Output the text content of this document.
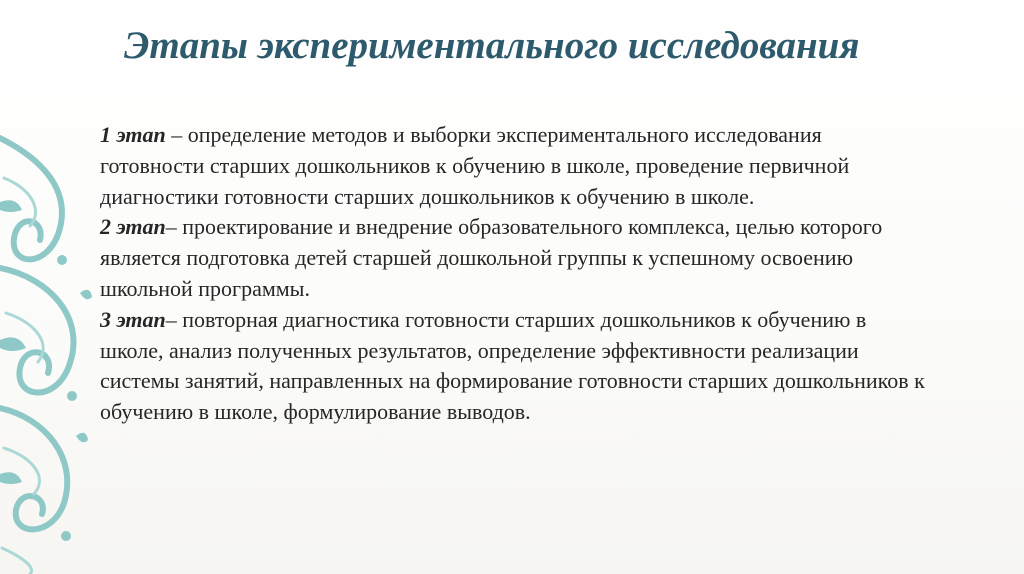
Этапы экспериментального исследования

1 этап – определение методов и выборки экспериментального исследования готовности старших дошкольников к обучению в школе, проведение первичной диагностики готовности старших дошкольников к обучению в школе.

2 этап– проектирование и внедрение образовательного комплекса, целью которого является подготовка детей старшей дошкольной группы к успешному освоению школьной программы.

3 этап– повторная диагностика готовности старших дошкольников к обучению в школе, анализ полученных результатов, определение эффективности реализации системы занятий, направленных на формирование готовности старших дошкольников к обучению в школе, формулирование выводов.
